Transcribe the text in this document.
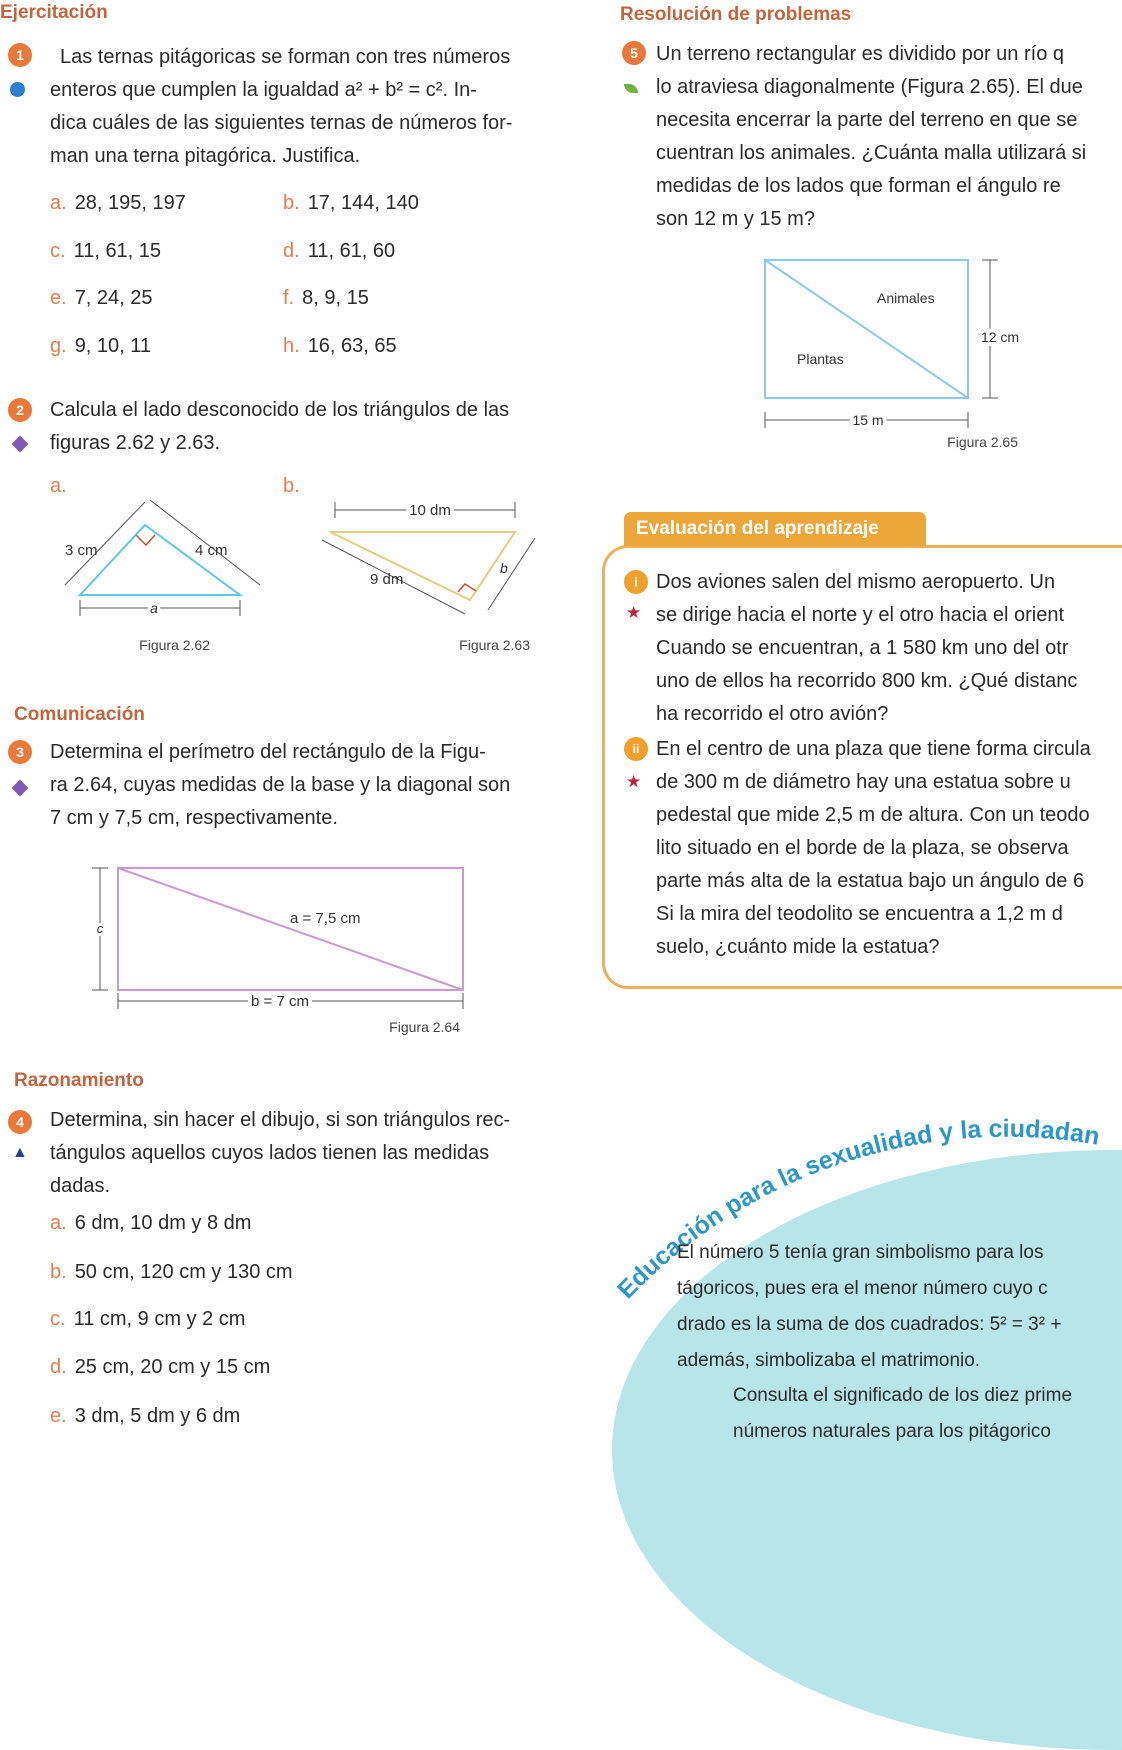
Ejercitación
1	Las ternas pitágoricas se forman con tres números
enteros que cumplen la igualdad a² + b² = c². In-
dica cuáles de las siguientes ternas de números for-
man una terna pitagórica. Justifica.
a. 28, 195, 197	b. 17, 144, 140
c. 11, 61, 15	d. 11, 61, 60
e. 7, 24, 25	f. 8, 9, 15
g. 9, 10, 11	h. 16, 63, 65
2	Calcula el lado desconocido de los triángulos de las
figuras 2.62 y 2.63.
a.	b.
3 cm	4 cm
a
Figura 2.62
10 dm
9 dm
b
Figura 2.63
Comunicación
3	Determina el perímetro del rectángulo de la Figu-
ra 2.64, cuyas medidas de la base y la diagonal son
7 cm y 7,5 cm, respectivamente.
c
a = 7,5 cm
b = 7 cm
Figura 2.64
Razonamiento
4
▲
Determina, sin hacer el dibujo, si son triángulos rec-
tángulos aquellos cuyos lados tienen las medidas
dadas.
a. 6 dm, 10 dm y 8 dm
b. 50 cm, 120 cm y 130 cm
c. 11 cm, 9 cm y 2 cm
d. 25 cm, 20 cm y 15 cm
e. 3 dm, 5 dm y 6 dm
Resolución de problemas
5 Un terreno rectangular es dividido por un río q
lo atraviesa diagonalmente (Figura 2.65). El due
necesita encerrar la parte del terreno en que se
cuentran los animales. ¿Cuánta malla utilizará si
medidas de los lados que forman el ángulo re
son 12 m y 15 m?
Animales
Plantas
12 cm
15 m
Figura 2.65
Evaluación del aprendizaje
i
★
Dos aviones salen del mismo aeropuerto. Un
se dirige hacia el norte y el otro hacia el orient
Cuando se encuentran, a 1 580 km uno del otr
uno de ellos ha recorrido 800 km. ¿Qué distanc
ha recorrido el otro avión?
ii
★
En el centro de una plaza que tiene forma circula
de 300 m de diámetro hay una estatua sobre u
pedestal que mide 2,5 m de altura. Con un teodo
lito situado en el borde de la plaza, se observa
parte más alta de la estatua bajo un ángulo de 6
Si la mira del teodolito se encuentra a 1,2 m d
suelo, ¿cuánto mide la estatua?
Educación para la sexualidad y la ciudadan
El número 5 tenía gran simbolismo para los
tágoricos, pues era el menor número cuyo c
drado es la suma de dos cuadrados: 5² = 3² +
además, simbolizaba el matrimonio.
Consulta el significado de los diez prime
números naturales para los pitágorico
